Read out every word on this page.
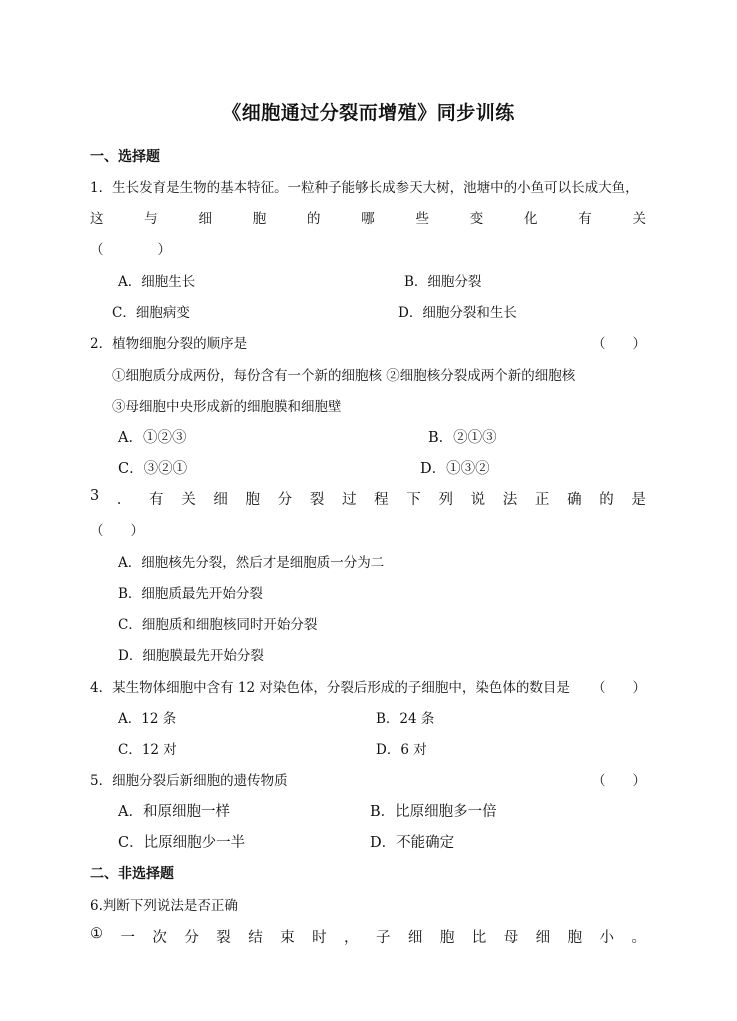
《细胞通过分裂而增殖》同步训练
一、选择题
1．生长发育是生物的基本特征。一粒种子能够长成参天大树，池塘中的小鱼可以长成大鱼，
这	与	细	胞	的	哪	些	变	化	有	关
（　　　　）
A．细胞生长	B．细胞分裂
C．细胞病变	D．细胞分裂和生长
2．植物细胞分裂的顺序是	（　　）
①细胞质分成两份，每份含有一个新的细胞核 ②细胞核分裂成两个新的细胞核
③母细胞中央形成新的细胞膜和细胞壁
A．①②③	B．②①③
C．③②①	D．①③②
3 ． 有 关 细 胞 分 裂 过 程 下 列 说 法 正 确 的 是
（　　）
A．细胞核先分裂，然后才是细胞质一分为二
B．细胞质最先开始分裂
C．细胞质和细胞核同时开始分裂
D．细胞膜最先开始分裂
4．某生物体细胞中含有 12 对染色体，分裂后形成的子细胞中，染色体的数目是 （　　）
A．12 条	B．24 条
C．12 对	D．6 对
5．细胞分裂后新细胞的遗传物质	（　　）
A．和原细胞一样	B．比原细胞多一倍
C．比原细胞少一半	D．不能确定
二、非选择题
6.判断下列说法是否正确
① 一 次 分 裂 结 束 时 ， 子 细 胞 比 母 细 胞 小 。
